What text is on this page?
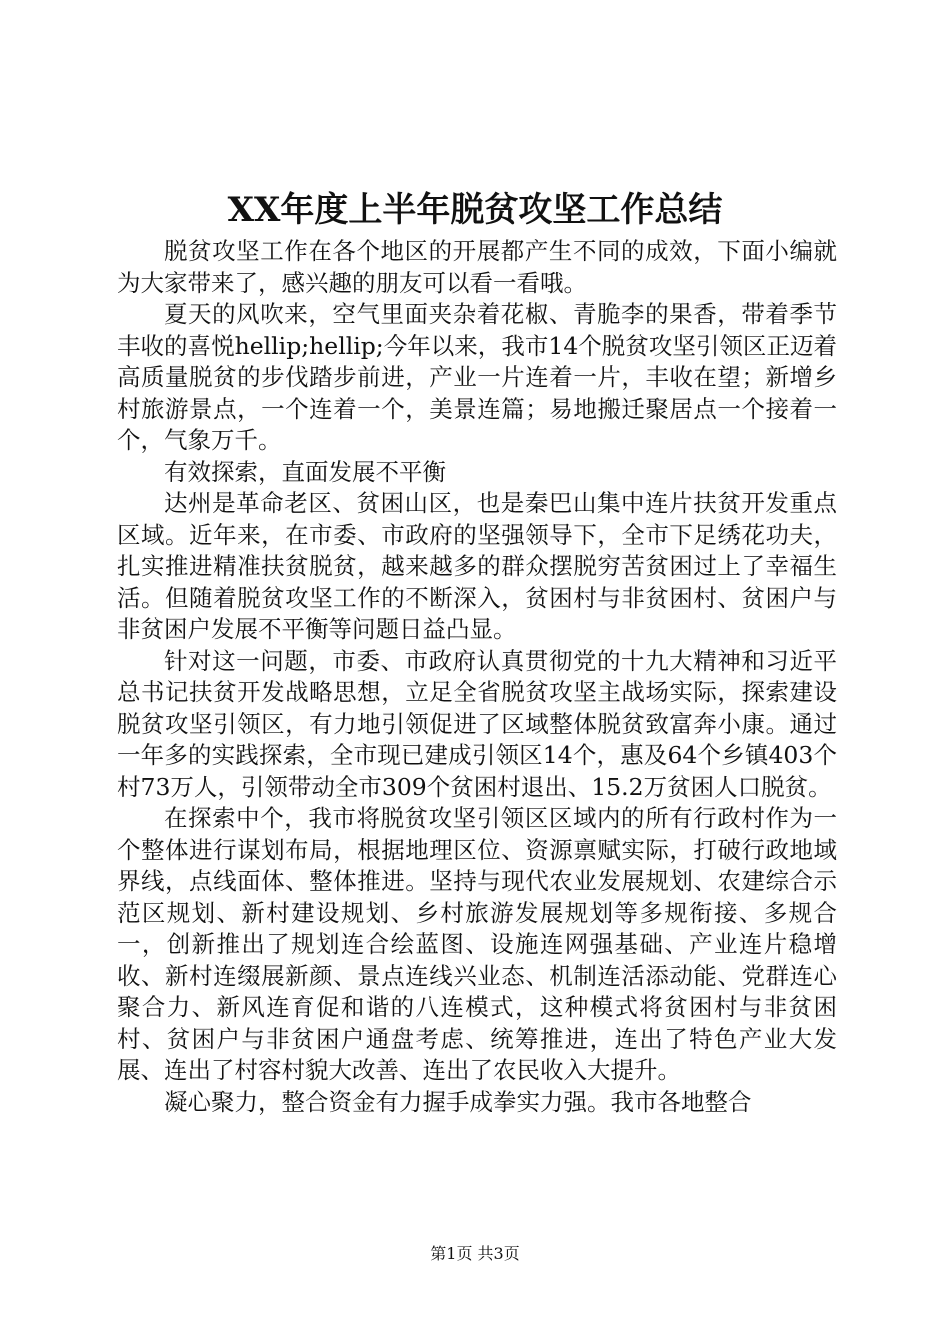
XX年度上半年脱贫攻坚工作总结

脱贫攻坚工作在各个地区的开展都产生不同的成效，下面小编就为大家带来了，感兴趣的朋友可以看一看哦。

夏天的风吹来，空气里面夹杂着花椒、青脆李的果香，带着季节丰收的喜悦hellip;hellip;今年以来，我市14个脱贫攻坚引领区正迈着高质量脱贫的步伐踏步前进，产业一片连着一片，丰收在望；新增乡村旅游景点，一个连着一个，美景连篇；易地搬迁聚居点一个接着一个，气象万千。

有效探索，直面发展不平衡

达州是革命老区、贫困山区，也是秦巴山集中连片扶贫开发重点区域。近年来，在市委、市政府的坚强领导下，全市下足绣花功夫，扎实推进精准扶贫脱贫，越来越多的群众摆脱穷苦贫困过上了幸福生活。但随着脱贫攻坚工作的不断深入，贫困村与非贫困村、贫困户与非贫困户发展不平衡等问题日益凸显。

针对这一问题，市委、市政府认真贯彻党的十九大精神和习近平总书记扶贫开发战略思想，立足全省脱贫攻坚主战场实际，探索建设脱贫攻坚引领区，有力地引领促进了区域整体脱贫致富奔小康。通过一年多的实践探索，全市现已建成引领区14个，惠及64个乡镇403个村73万人，引领带动全市309个贫困村退出、15.2万贫困人口脱贫。

在探索中个，我市将脱贫攻坚引领区区域内的所有行政村作为一个整体进行谋划布局，根据地理区位、资源禀赋实际，打破行政地域界线，点线面体、整体推进。坚持与现代农业发展规划、农建综合示范区规划、新村建设规划、乡村旅游发展规划等多规衔接、多规合一，创新推出了规划连合绘蓝图、设施连网强基础、产业连片稳增收、新村连缀展新颜、景点连线兴业态、机制连活添动能、党群连心聚合力、新风连育促和谐的八连模式，这种模式将贫困村与非贫困村、贫困户与非贫困户通盘考虑、统筹推进，连出了特色产业大发展、连出了村容村貌大改善、连出了农民收入大提升。

凝心聚力，整合资金有力握手成拳实力强。我市各地整合

第1页 共3页
